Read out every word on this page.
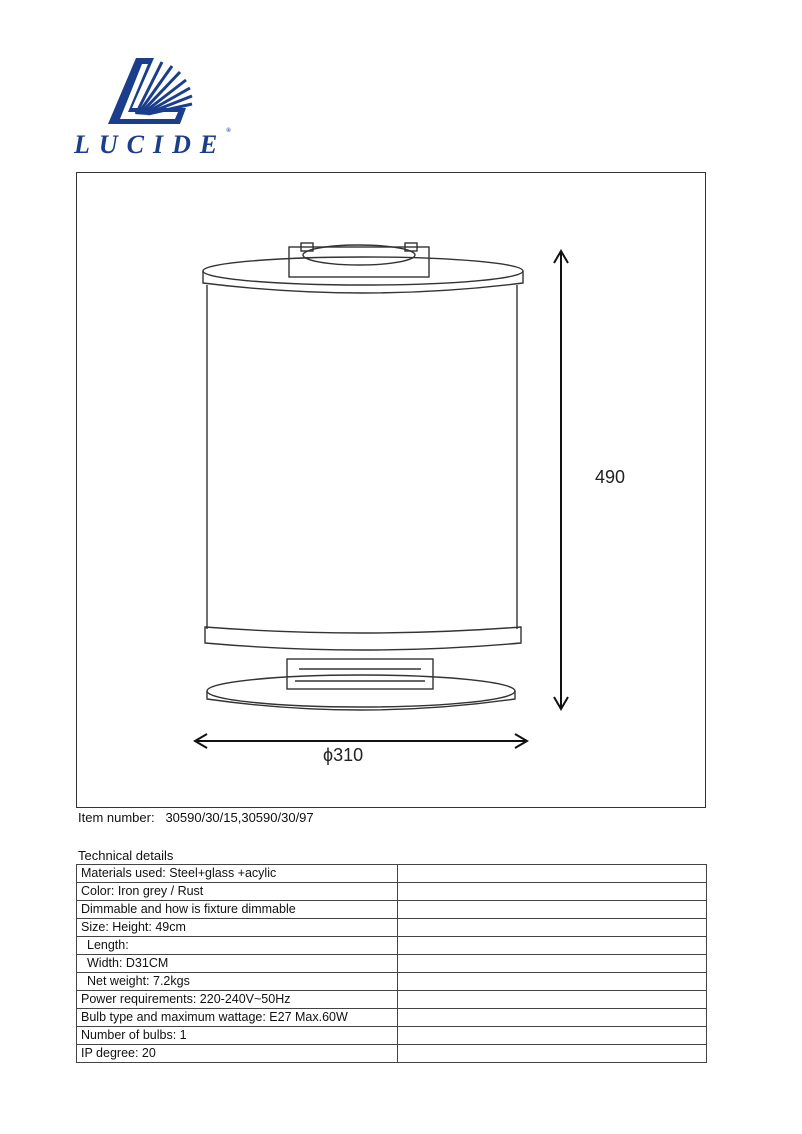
LUCIDE®
490
ϕ310
Item number: 30590/30/15,30590/30/97
Technical details
Materials used: Steel+glass +acylic	
Color: Iron grey / Rust	
Dimmable and how is fixture dimmable	
Size: Height: 49cm	
Length:	
Width: D31CM	
Net weight: 7.2kgs	
Power requirements: 220-240V~50Hz	
Bulb type and maximum wattage: E27 Max.60W	
Number of bulbs: 1	
IP degree: 20	
